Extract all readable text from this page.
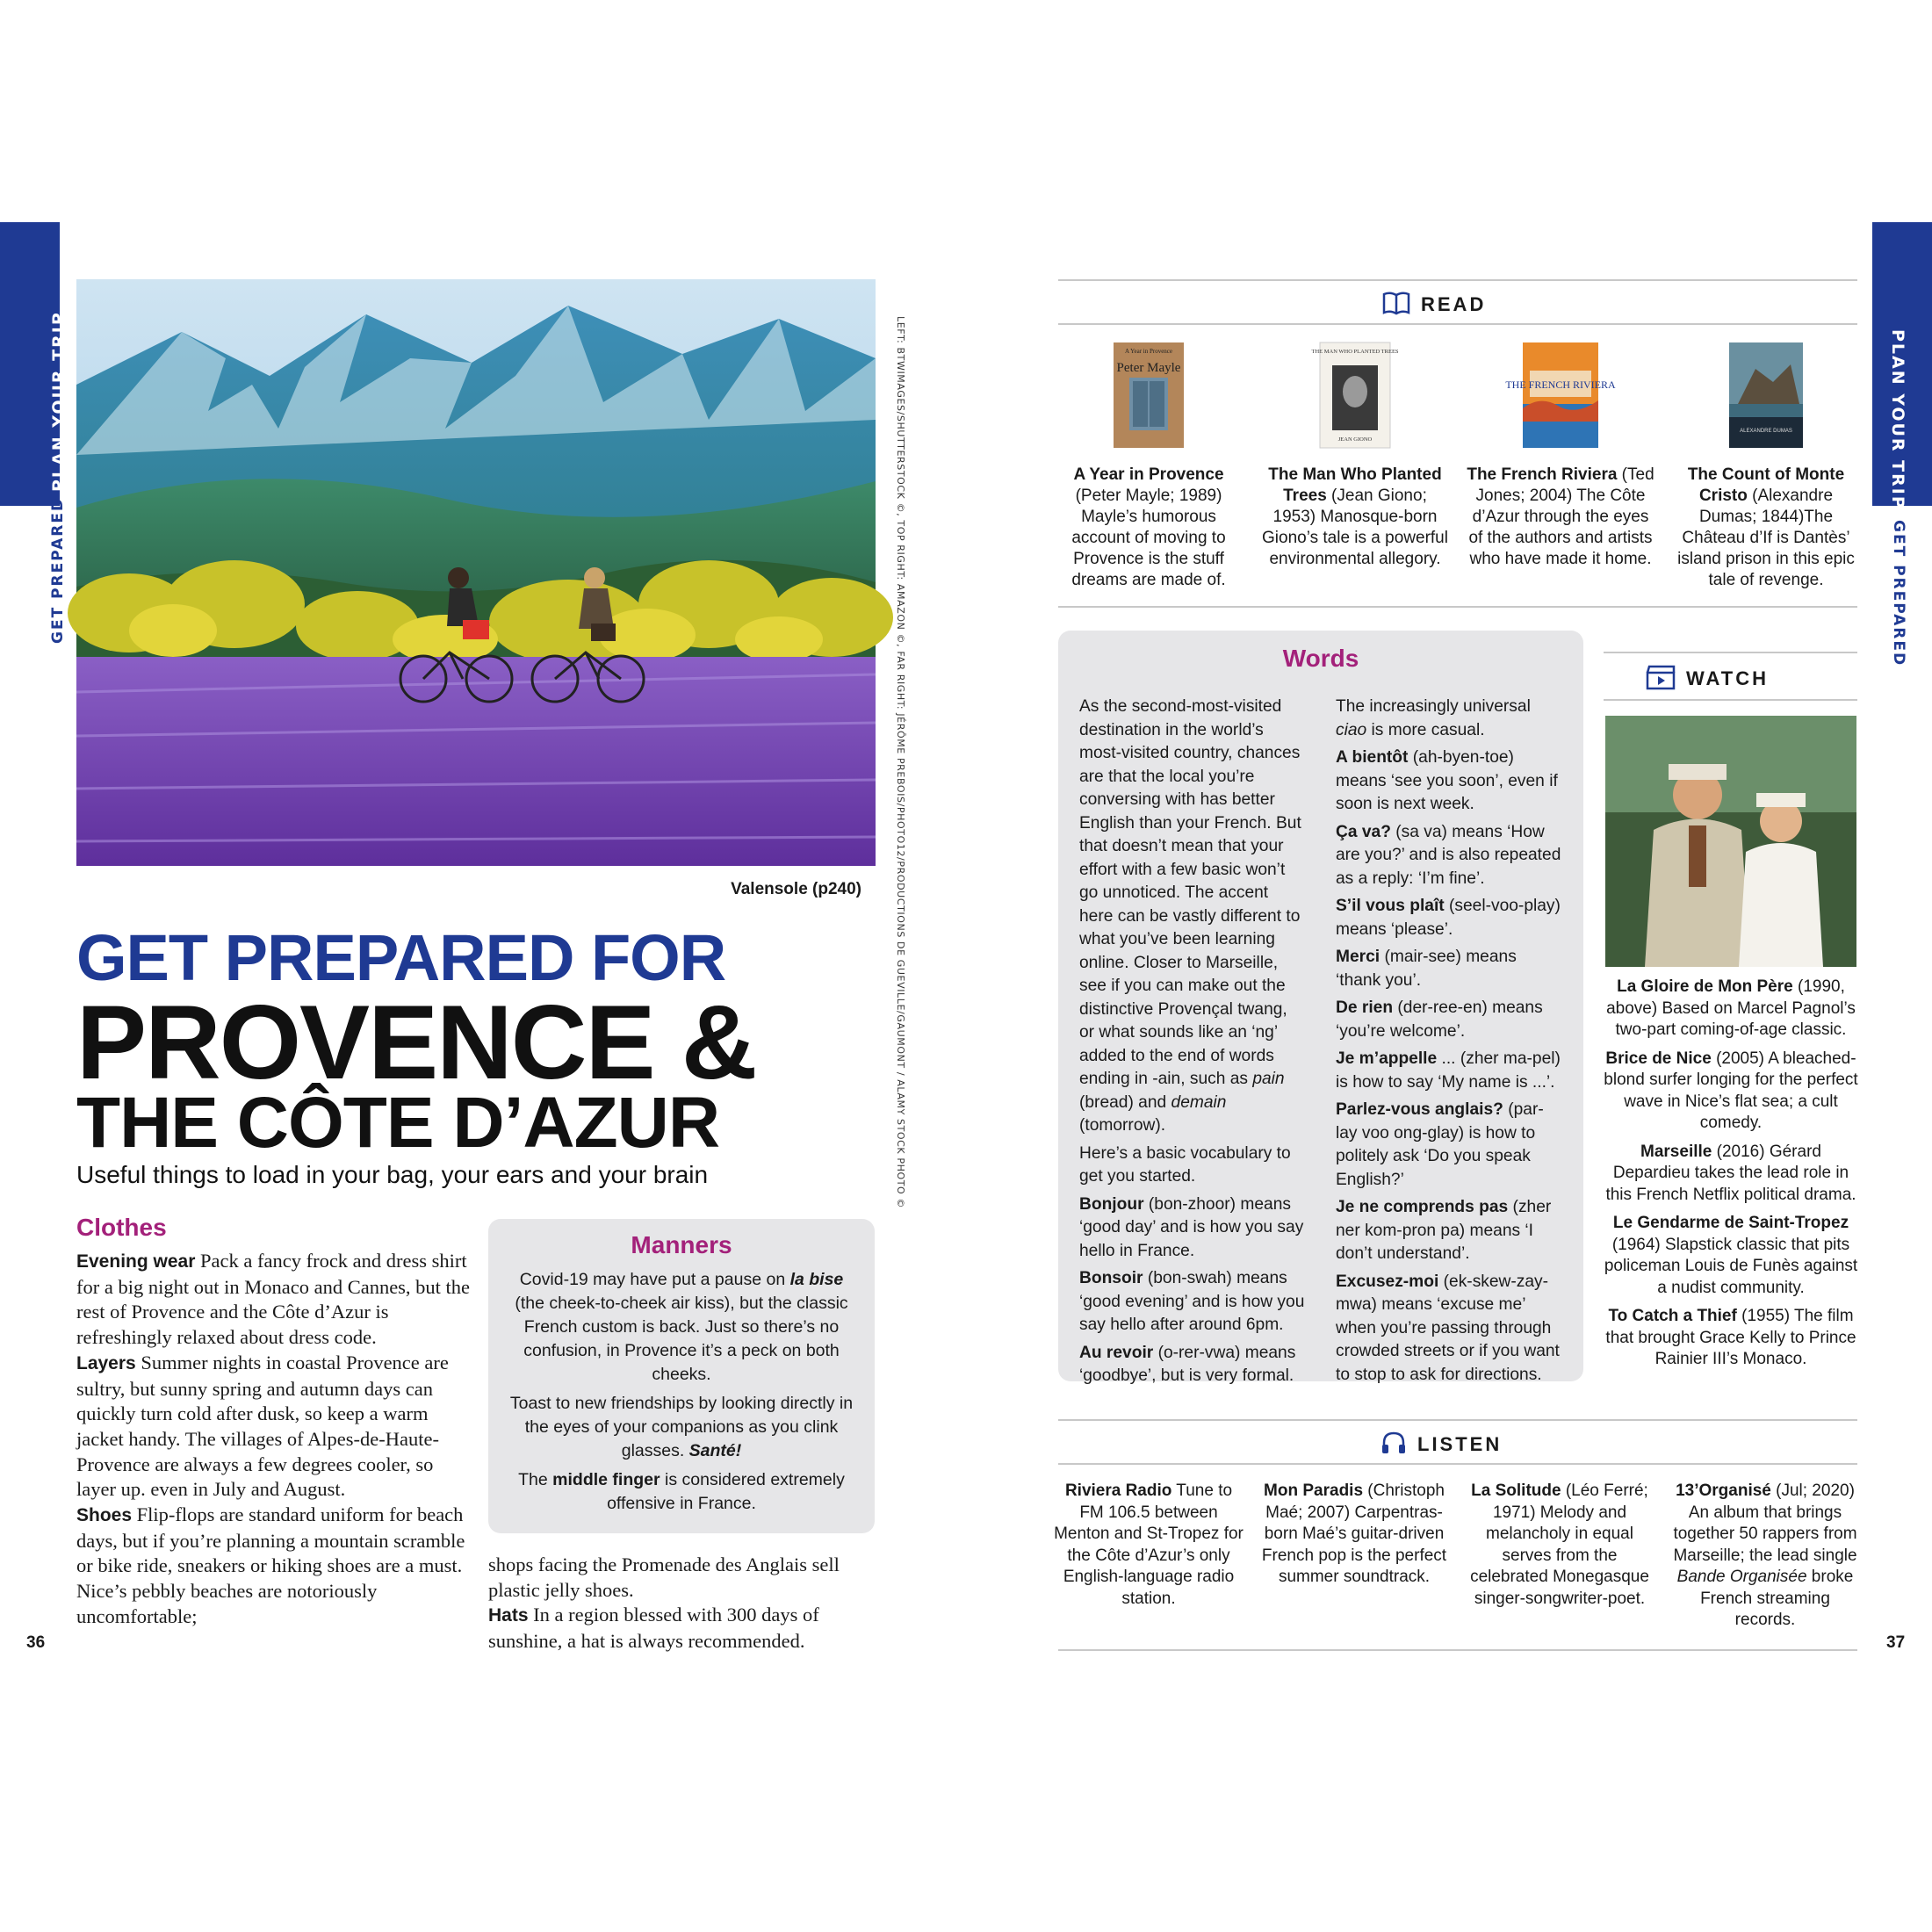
PLAN YOUR TRIP
GET PREPARED
PLAN YOUR TRIP
GET PREPARED
LEFT: BTWIMAGES/SHUTTERSTOCK ©, TOP RIGHT: AMAZON ©, FAR RIGHT: JÉRÔME PREBOIS/PHOTO12/PRODUCTIONS DE GUEVILLE/GAUMONT / ALAMY STOCK PHOTO ©
Valensole (p240)
GET PREPARED FOR
PROVENCE &
THE CÔTE D’AZUR
Useful things to load in your bag, your ears and your brain
Clothes
Evening wear Pack a fancy frock and dress shirt for a big night out in Monaco and Cannes, but the rest of Provence and the Côte d’Azur is refreshingly relaxed about dress code.
Layers Summer nights in coastal Provence are sultry, but sunny spring and autumn days can quickly turn cold after dusk, so keep a warm jacket handy. The villages of Alpes-de-Haute-Provence are always a few degrees cooler, so layer up. even in July and August.
Shoes Flip-flops are standard uniform for beach days, but if you’re planning a mountain scramble or bike ride, sneakers or hiking shoes are a must. Nice’s pebbly beaches are notoriously uncomfortable;
Manners

Covid-19 may have put a pause on la bise (the cheek-to-cheek air kiss), but the classic French custom is back. Just so there’s no confusion, in Provence it’s a peck on both cheeks.

Toast to new friendships by looking directly in the eyes of your companions as you clink glasses. Santé!

The middle finger is considered extremely offensive in France.

shops facing the Promenade des Anglais sell plastic jelly shoes.
Hats In a region blessed with 300 days of sunshine, a hat is always recommended.
36	37
READ
A Year in Provence
Peter Mayle
A Year in Provence (Peter Mayle; 1989) Mayle’s humorous account of moving to Provence is the stuff dreams are made of.
THE MAN WHO PLANTED TREES
JEAN GIONO
The Man Who Planted Trees (Jean Giono; 1953) Manosque-born Giono’s tale is a powerful environmental allegory.
THE FRENCH RIVIERA
The French Riviera (Ted Jones; 2004) The Côte d’Azur through the eyes of the authors and artists who have made it home.
ALEXANDRE DUMAS
The Count of Monte Cristo (Alexandre Dumas; 1844)The Château d’If is Dantès’ island prison in this epic tale of revenge.
Words

As the second-most-visited destination in the world’s most-visited country, chances are that the local you’re conversing with has better English than your French. But that doesn’t mean that your effort with a few basic won’t go unnoticed. The accent here can be vastly different to what you’ve been learning online. Closer to Marseille, see if you can make out the distinctive Provençal twang, or what sounds like an ‘ng’ added to the end of words ending in -ain, such as pain (bread) and demain (tomorrow).

Here’s a basic vocabulary to get you started.

Bonjour (bon-zhoor) means ‘good day’ and is how you say hello in France.

Bonsoir (bon-swah) means ‘good evening’ and is how you say hello after around 6pm.

Au revoir (o-rer-vwa) means ‘goodbye’, but is very formal.

The increasingly universal ciao is more casual.

A bientôt (ah-byen-toe) means ‘see you soon’, even if soon is next week.

Ça va? (sa va) means ‘How are you?’ and is also repeated as a reply: ‘I’m fine’.

S’il vous plaît (seel-voo-play) means ‘please’.

Merci (mair-see) means ‘thank you’.

De rien (der-ree-en) means ‘you’re welcome’.

Je m’appelle ... (zher ma-pel) is how to say ‘My name is ...’.

Parlez-vous anglais? (par-lay voo ong-glay) is how to politely ask ‘Do you speak English?’

Je ne comprends pas (zher ner kom-pron pa) means ‘I don’t understand’.

Excusez-moi (ek-skew-zay-mwa) means ‘excuse me’ when you’re passing through crowded streets or if you want to stop to ask for directions.

WATCH

La Gloire de Mon Père (1990, above) Based on Marcel Pagnol’s two-part coming-of-age classic.

Brice de Nice (2005) A bleached-blond surfer longing for the perfect wave in Nice’s flat sea; a cult comedy.

Marseille (2016) Gérard Depardieu takes the lead role in this French Netflix political drama.

Le Gendarme de Saint-Tropez (1964) Slapstick classic that pits policeman Louis de Funès against a nudist community.

To Catch a Thief (1955) The film that brought Grace Kelly to Prince Rainier III’s Monaco.

LISTEN
Riviera Radio Tune to FM 106.5 between Menton and St-Tropez for the Côte d’Azur’s only English-language radio station.
Mon Paradis (Christoph Maé; 2007) Carpentras-born Maé’s guitar-driven French pop is the perfect summer soundtrack.
La Solitude (Léo Ferré; 1971) Melody and melancholy in equal serves from the celebrated Monegasque singer-songwriter-poet.
13’Organisé (Jul; 2020) An album that brings together 50 rappers from Marseille; the lead single Bande Organisée broke French streaming records.
